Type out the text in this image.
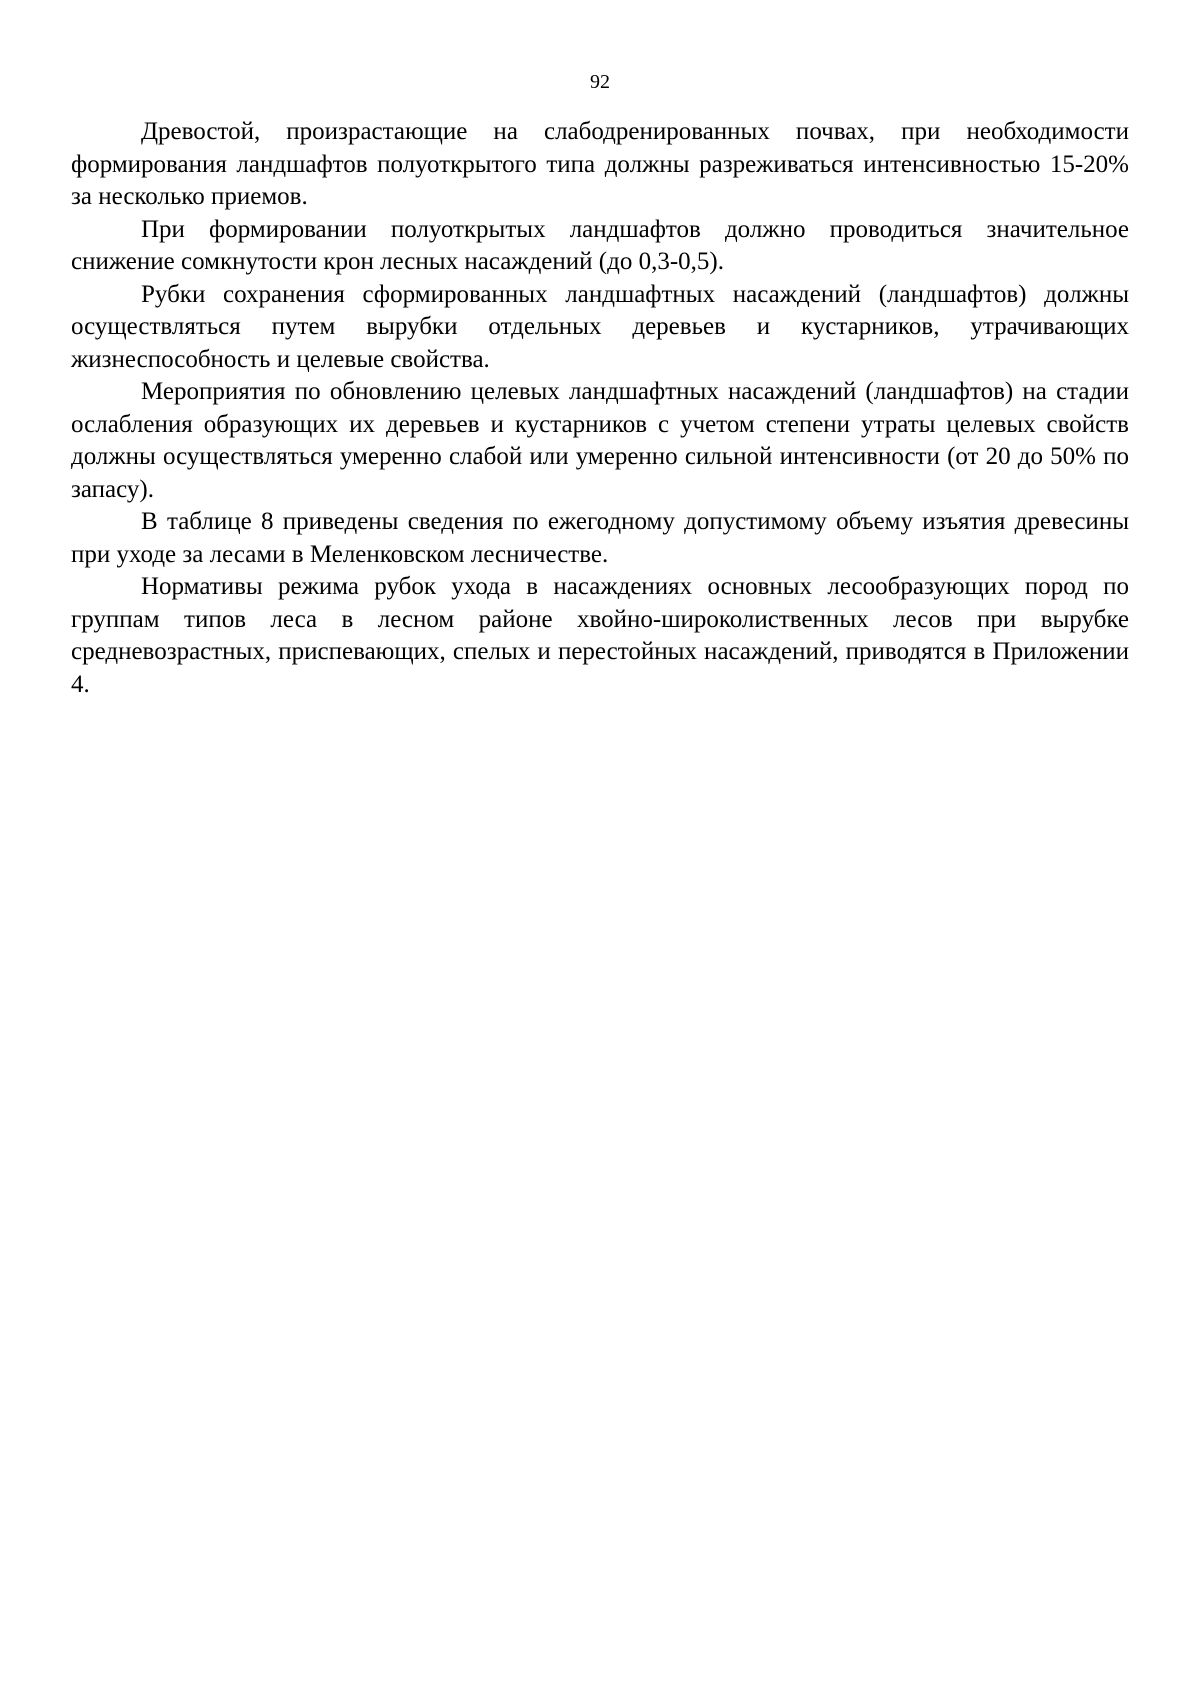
92

Древостой, произрастающие на слабодренированных почвах, при необходимости формирования ландшафтов полуоткрытого типа должны разреживаться интенсивностью 15-20% за несколько приемов.

При формировании полуоткрытых ландшафтов должно проводиться значительное снижение сомкнутости крон лесных насаждений (до 0,3-0,5).

Рубки сохранения сформированных ландшафтных насаждений (ландшафтов) должны осуществляться путем вырубки отдельных деревьев и кустарников, утрачивающих жизнеспособность и целевые свойства.

Мероприятия по обновлению целевых ландшафтных насаждений (ландшафтов) на стадии ослабления образующих их деревьев и кустарников с учетом степени утраты целевых свойств должны осуществляться умеренно слабой или умеренно сильной интенсивности (от 20 до 50% по запасу).

В таблице 8 приведены сведения по ежегодному допустимому объему изъятия древесины при уходе за лесами в Меленковском лесничестве.

Нормативы режима рубок ухода в насаждениях основных лесообразующих пород по группам типов леса в лесном районе хвойно-широколиственных лесов при вырубке средневозрастных, приспевающих, спелых и перестойных насаждений, приводятся в Приложении 4.
